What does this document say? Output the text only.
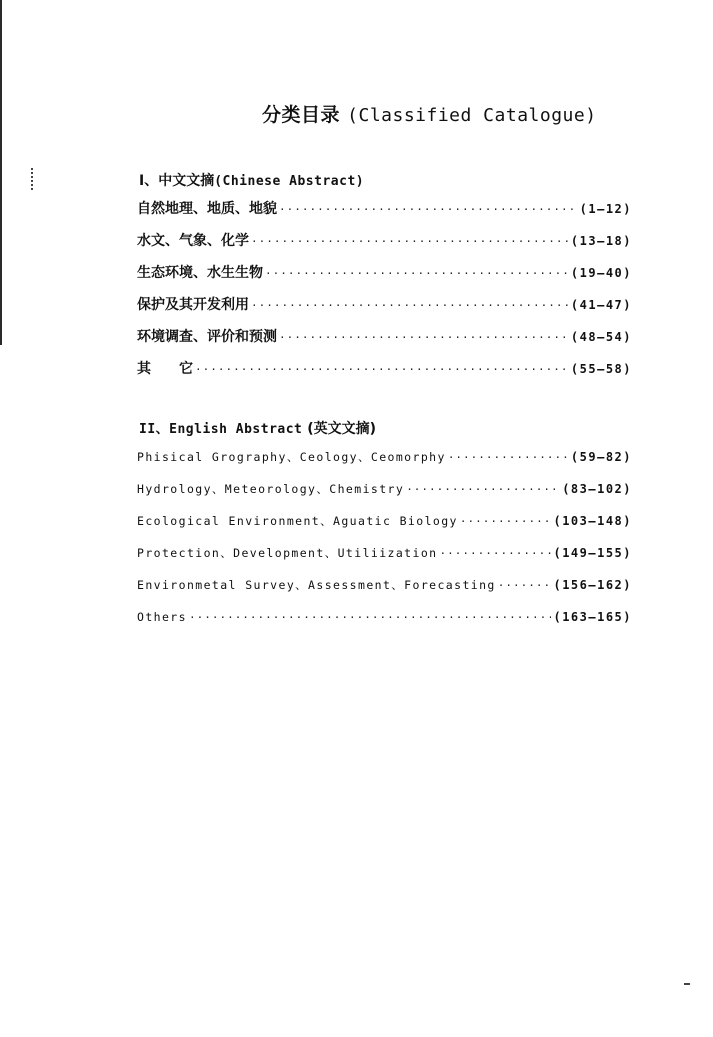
分类目录 (Classified Catalogue)
I、中文文摘(Chinese Abstract)
自然地理、地质、地貌 ·····	(1—12)
水文、气象、化学 ·····	(13—18)
生态环境、水生生物 ·····	(19—40)
保护及其开发利用 ·····	(41—47)
环境调查、评价和预测 ·····	(48—54)
其　　它 ·····	(55—58)
II、English Abstract (英文文摘)
Phisical Grography、Ceology、Ceomorphy ·····	(59—82)
Hydrology、Meteorology、Chemistry ·····	(83—102)
Ecological Environment、Aguatic Biology ·····	(103—148)
Protection、Development、Utiliization ·····	(149—155)
Environmetal Survey、Assessment、Forecasting ·····	(156—162)
Others ·····	(163—165)
